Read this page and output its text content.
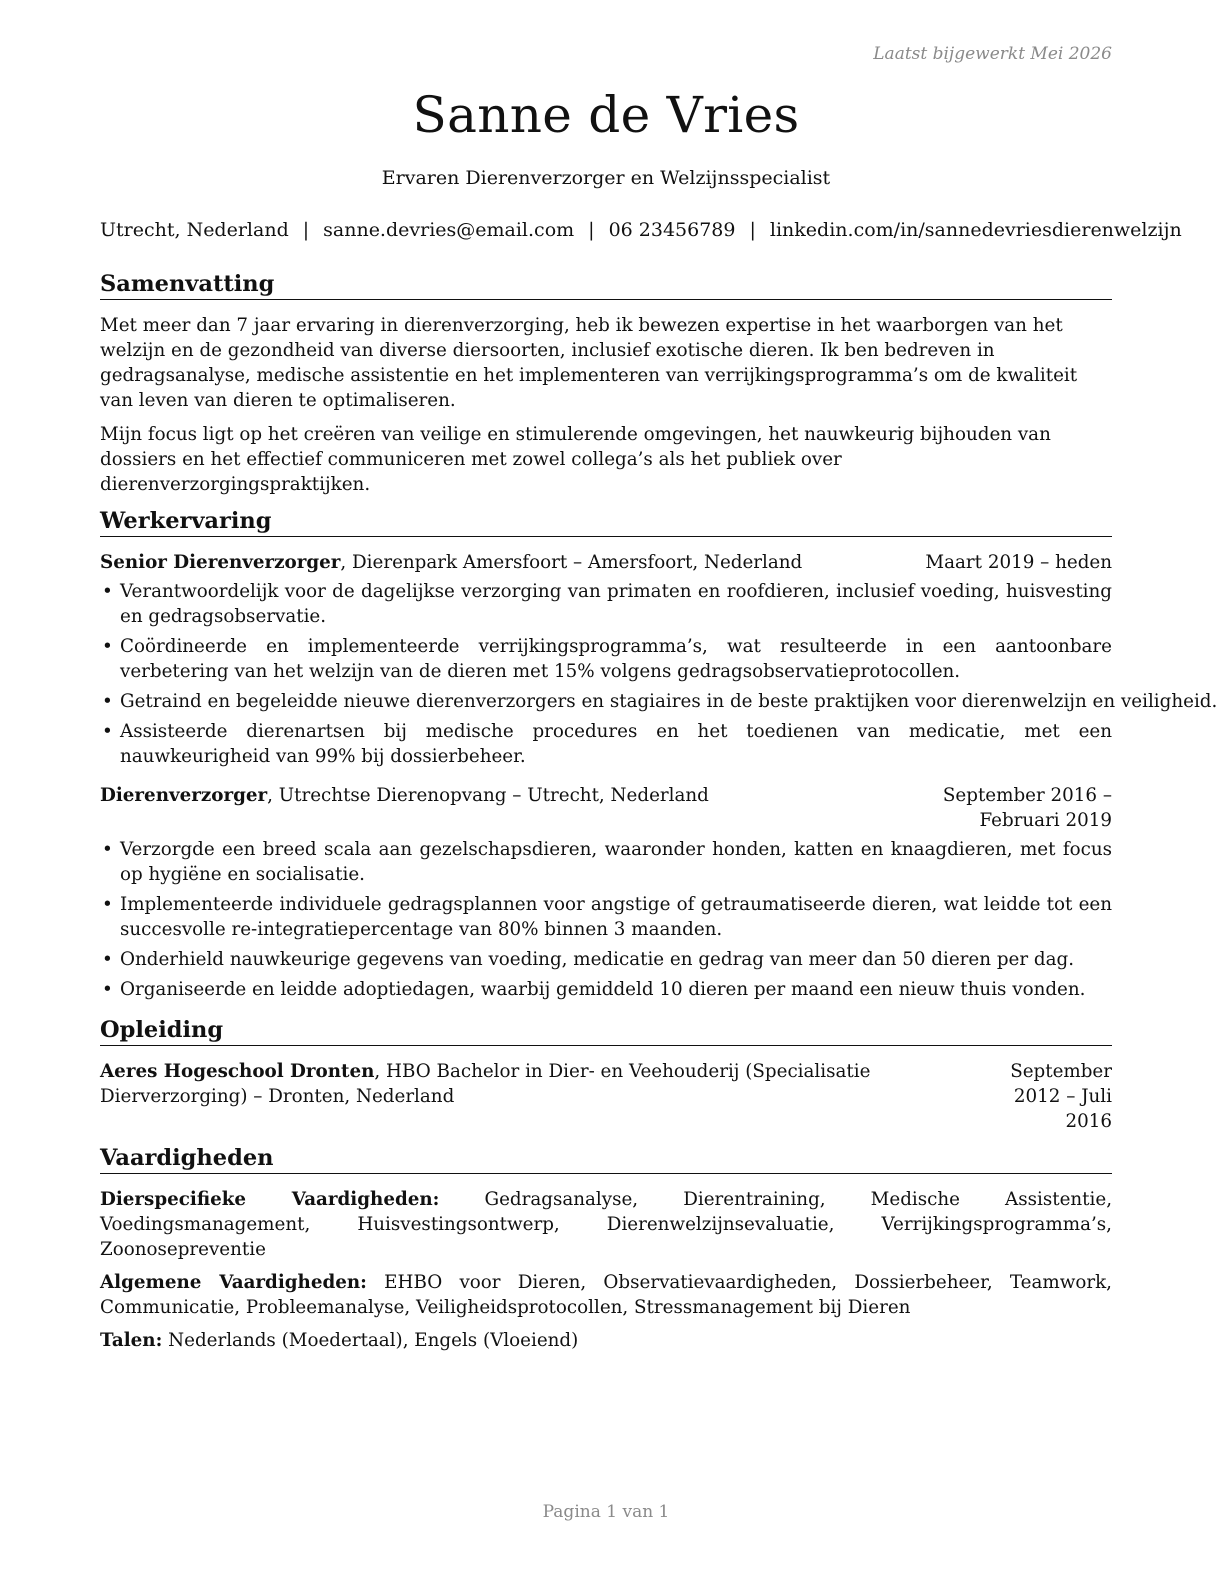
Laatst bijgewerkt Mei 2026
Sanne de Vries
Ervaren Dierenverzorger en Welzijnsspecialist
Utrecht, Nederland | sanne.devries@email.com | 06 23456789 | linkedin.com/in/sannedevriesdierenwelzijn
Samenvatting

Met meer dan 7 jaar ervaring in dierenverzorging, heb ik bewezen expertise in het waarborgen van het welzijn en de gezondheid van diverse diersoorten, inclusief exotische dieren. Ik ben bedreven in gedragsanalyse, medische assistentie en het implementeren van verrijkingsprogramma’s om de kwaliteit van leven van dieren te optimaliseren.

Mijn focus ligt op het creëren van veilige en stimulerende omgevingen, het nauwkeurig bijhouden van dossiers en het effectief communiceren met zowel collega’s als het publiek over dierenverzorgingspraktijken.

Werkervaring
Senior Dierenverzorger, Dierenpark Amersfoort – Amersfoort, Nederland	Maart 2019 – heden
• Verantwoordelijk voor de dagelijkse verzorging van primaten en roofdieren, inclusief voeding, huisvesting en gedragsobservatie.
• Coördineerde en implementeerde verrijkingsprogramma’s, wat resulteerde in een aantoonbare verbetering van het welzijn van de dieren met 15% volgens gedragsobservatieprotocollen.
• Getraind en begeleidde nieuwe dierenverzorgers en stagiaires in de beste praktijken voor dierenwelzijn en veiligheid.
• Assisteerde dierenartsen bij medische procedures en het toedienen van medicatie, met een nauwkeurigheid van 99% bij dossierbeheer.
Dierenverzorger, Utrechtse Dierenopvang – Utrecht, Nederland	September 2016 – Februari 2019
• Verzorgde een breed scala aan gezelschapsdieren, waaronder honden, katten en knaagdieren, met focus op hygiëne en socialisatie.
• Implementeerde individuele gedragsplannen voor angstige of getraumatiseerde dieren, wat leidde tot een succesvolle re-integratiepercentage van 80% binnen 3 maanden.
• Onderhield nauwkeurige gegevens van voeding, medicatie en gedrag van meer dan 50 dieren per dag.
• Organiseerde en leidde adoptiedagen, waarbij gemiddeld 10 dieren per maand een nieuw thuis vonden.
Opleiding
Aeres Hogeschool Dronten, HBO Bachelor in Dier- en Veehouderij (Specialisatie Dierverzorging) – Dronten, Nederland
September 2012 – Juli 2016
Vaardigheden

Dierspecifieke Vaardigheden: Gedragsanalyse, Dierentraining, Medische Assistentie, Voedingsmanagement, Huisvestingsontwerp, Dierenwelzijnsevaluatie, Verrijkingsprogramma’s, Zoonosepreventie

Algemene Vaardigheden: EHBO voor Dieren, Observatievaardigheden, Dossierbeheer, Teamwork, Communicatie, Probleemanalyse, Veiligheidsprotocollen, Stressmanagement bij Dieren

Talen: Nederlands (Moedertaal), Engels (Vloeiend)

Pagina 1 van 1
